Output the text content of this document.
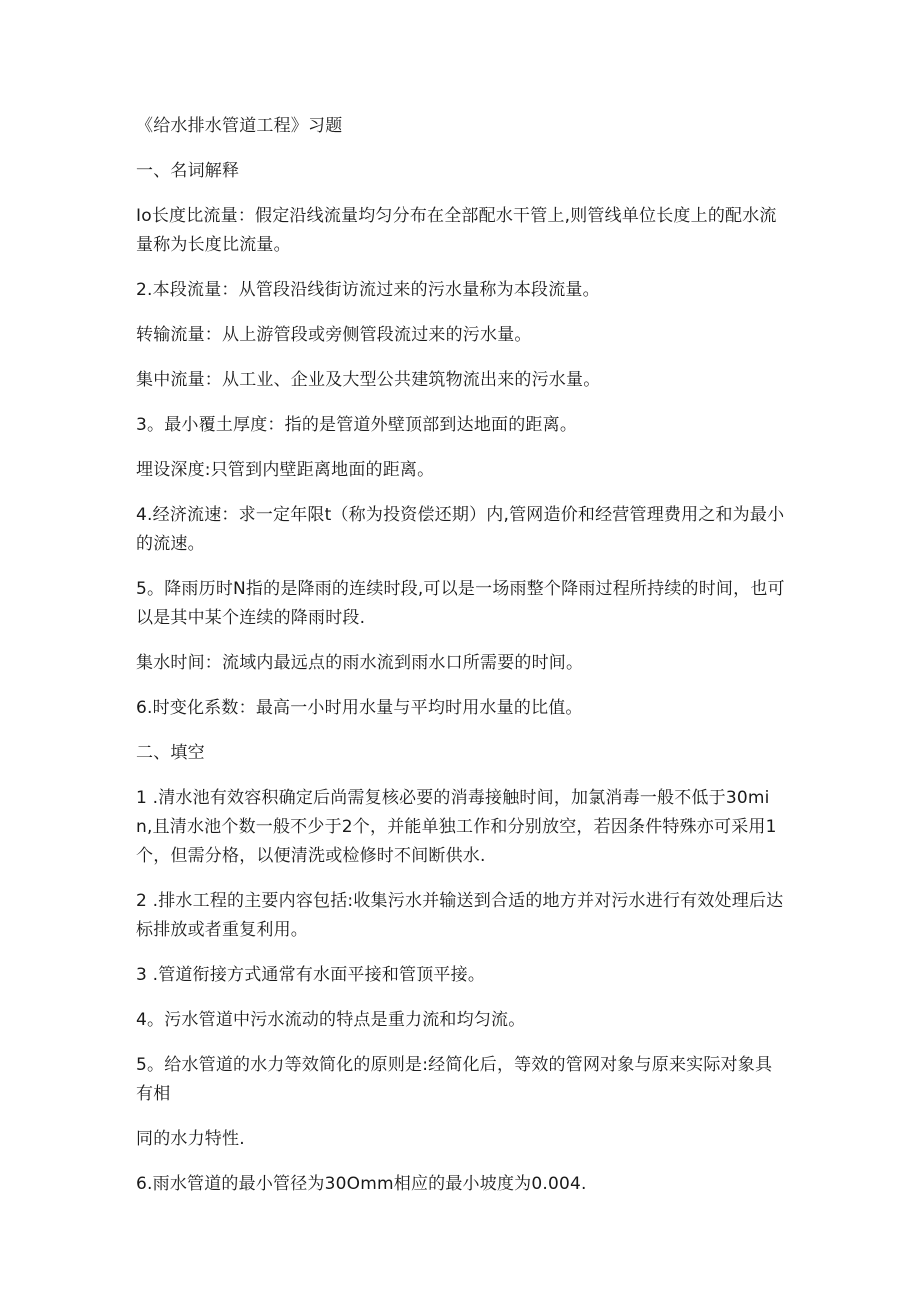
《给水排水管道工程》习题
一、名词解释
Io长度比流量：假定沿线流量均匀分布在全部配水干管上,则管线单位长度上的配水流量称为长度比流量。
2.本段流量：从管段沿线街访流过来的污水量称为本段流量。
转输流量：从上游管段或旁侧管段流过来的污水量。
集中流量：从工业、企业及大型公共建筑物流出来的污水量。
3。最小覆土厚度：指的是管道外壁顶部到达地面的距离。
埋设深度:只管到内壁距离地面的距离。
4.经济流速：求一定年限t（称为投资偿还期）内,管网造价和经营管理费用之和为最小的流速。
5。降雨历时N指的是降雨的连续时段,可以是一场雨整个降雨过程所持续的时间，也可以是其中某个连续的降雨时段.
集水时间：流域内最远点的雨水流到雨水口所需要的时间。
6.时变化系数：最高一小时用水量与平均时用水量的比值。
二、填空
1 .清水池有效容积确定后尚需复核必要的消毒接触时间，加氯消毒一般不低于30min,且清水池个数一般不少于2个，并能单独工作和分别放空，若因条件特殊亦可采用1个，但需分格，以便清洗或检修时不间断供水.
2 .排水工程的主要内容包括:收集污水并输送到合适的地方并对污水进行有效处理后达标排放或者重复利用。
3 .管道衔接方式通常有水面平接和管顶平接。
4。污水管道中污水流动的特点是重力流和均匀流。
5。给水管道的水力等效简化的原则是:经简化后，等效的管网对象与原来实际对象具有相
同的水力特性.
6.雨水管道的最小管径为30Omm相应的最小坡度为0.004.
